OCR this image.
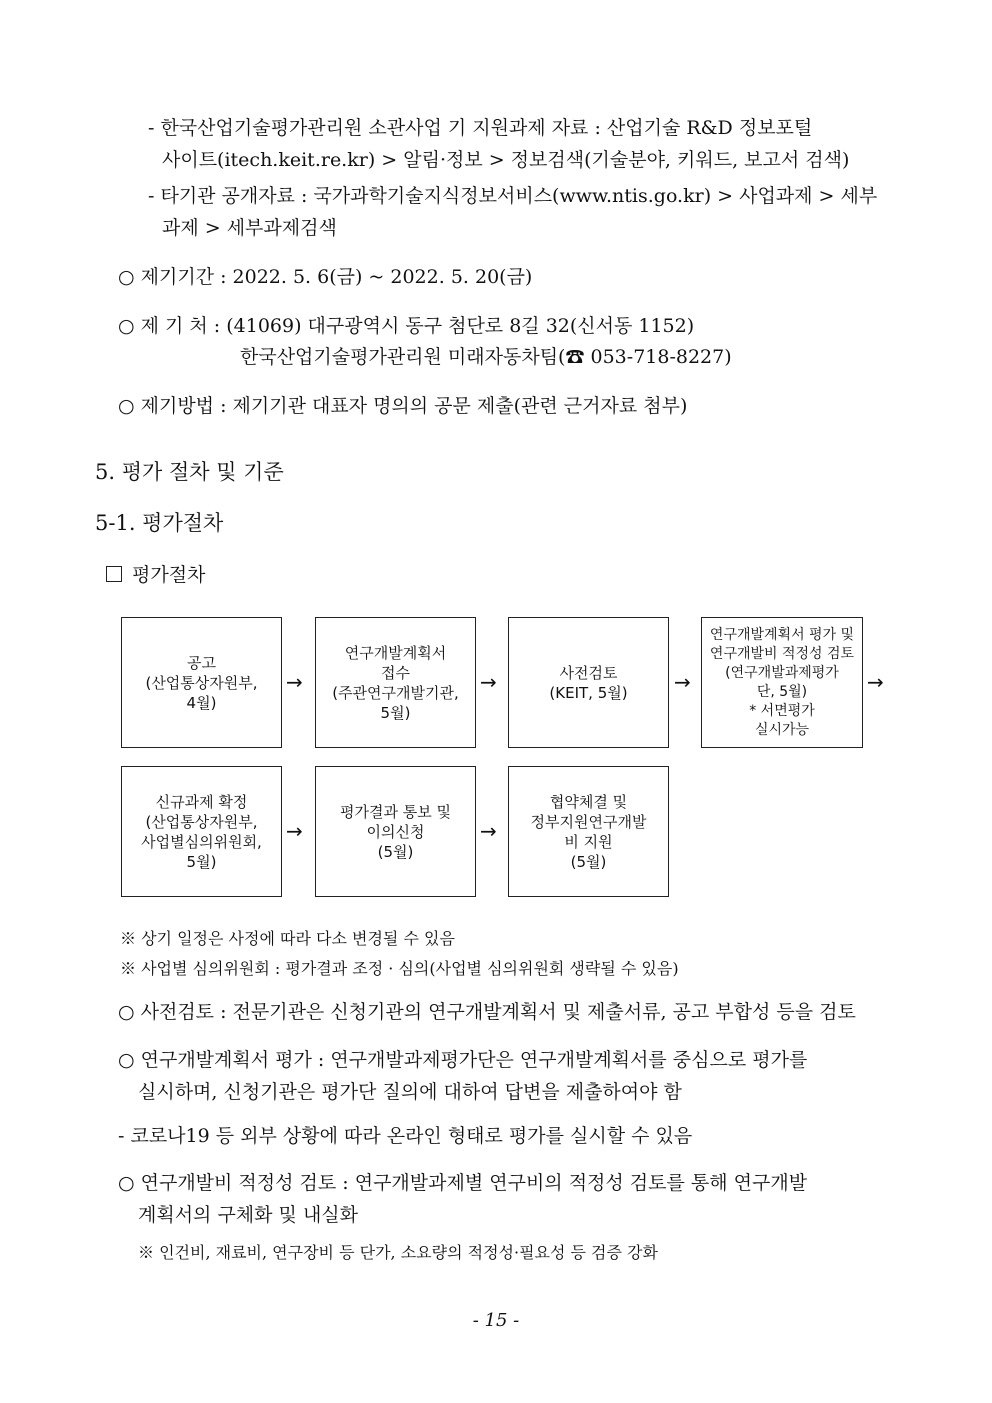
- 한국산업기술평가관리원 소관사업 기 지원과제 자료 : 산업기술 R&D 정보포털
사이트(itech.keit.re.kr) > 알림·정보 > 정보검색(기술분야, 키워드, 보고서 검색)
- 타기관 공개자료 : 국가과학기술지식정보서비스(www.ntis.go.kr) > 사업과제 > 세부
과제 > 세부과제검색
○ 제기기간 : 2022. 5. 6(금) ~ 2022. 5. 20(금)
○ 제 기 처 : (41069) 대구광역시 동구 첨단로 8길 32(신서동 1152)
한국산업기술평가관리원 미래자동차팀(☎ 053-718-8227)
○ 제기방법 : 제기기관 대표자 명의의 공문 제출(관련 근거자료 첨부)
5. 평가 절차 및 기준
5-1. 평가절차
평가절차
공고
(산업통상자원부,
4월)
→
연구개발계획서
접수
(주관연구개발기관,
5월)
→	사전검토
(KEIT, 5월) →
연구개발계획서 평가 및
연구개발비 적정성 검토
(연구개발과제평가
단, 5월)
* 서면평가
실시가능
→
신규과제 확정
(산업통상자원부,
사업별심의위원회,
5월)
→
평가결과 통보 및
이의신청
(5월)
→
협약체결 및
정부지원연구개발
비 지원
(5월)
※ 상기 일정은 사정에 따라 다소 변경될 수 있음
※ 사업별 심의위원회 : 평가결과 조정 · 심의(사업별 심의위원회 생략될 수 있음)
○ 사전검토 : 전문기관은 신청기관의 연구개발계획서 및 제출서류, 공고 부합성 등을 검토
○ 연구개발계획서 평가 : 연구개발과제평가단은 연구개발계획서를 중심으로 평가를
실시하며, 신청기관은 평가단 질의에 대하여 답변을 제출하여야 함
- 코로나19 등 외부 상황에 따라 온라인 형태로 평가를 실시할 수 있음
○ 연구개발비 적정성 검토 : 연구개발과제별 연구비의 적정성 검토를 통해 연구개발
계획서의 구체화 및 내실화
※ 인건비, 재료비, 연구장비 등 단가, 소요량의 적정성·필요성 등 검증 강화
- 15 -
